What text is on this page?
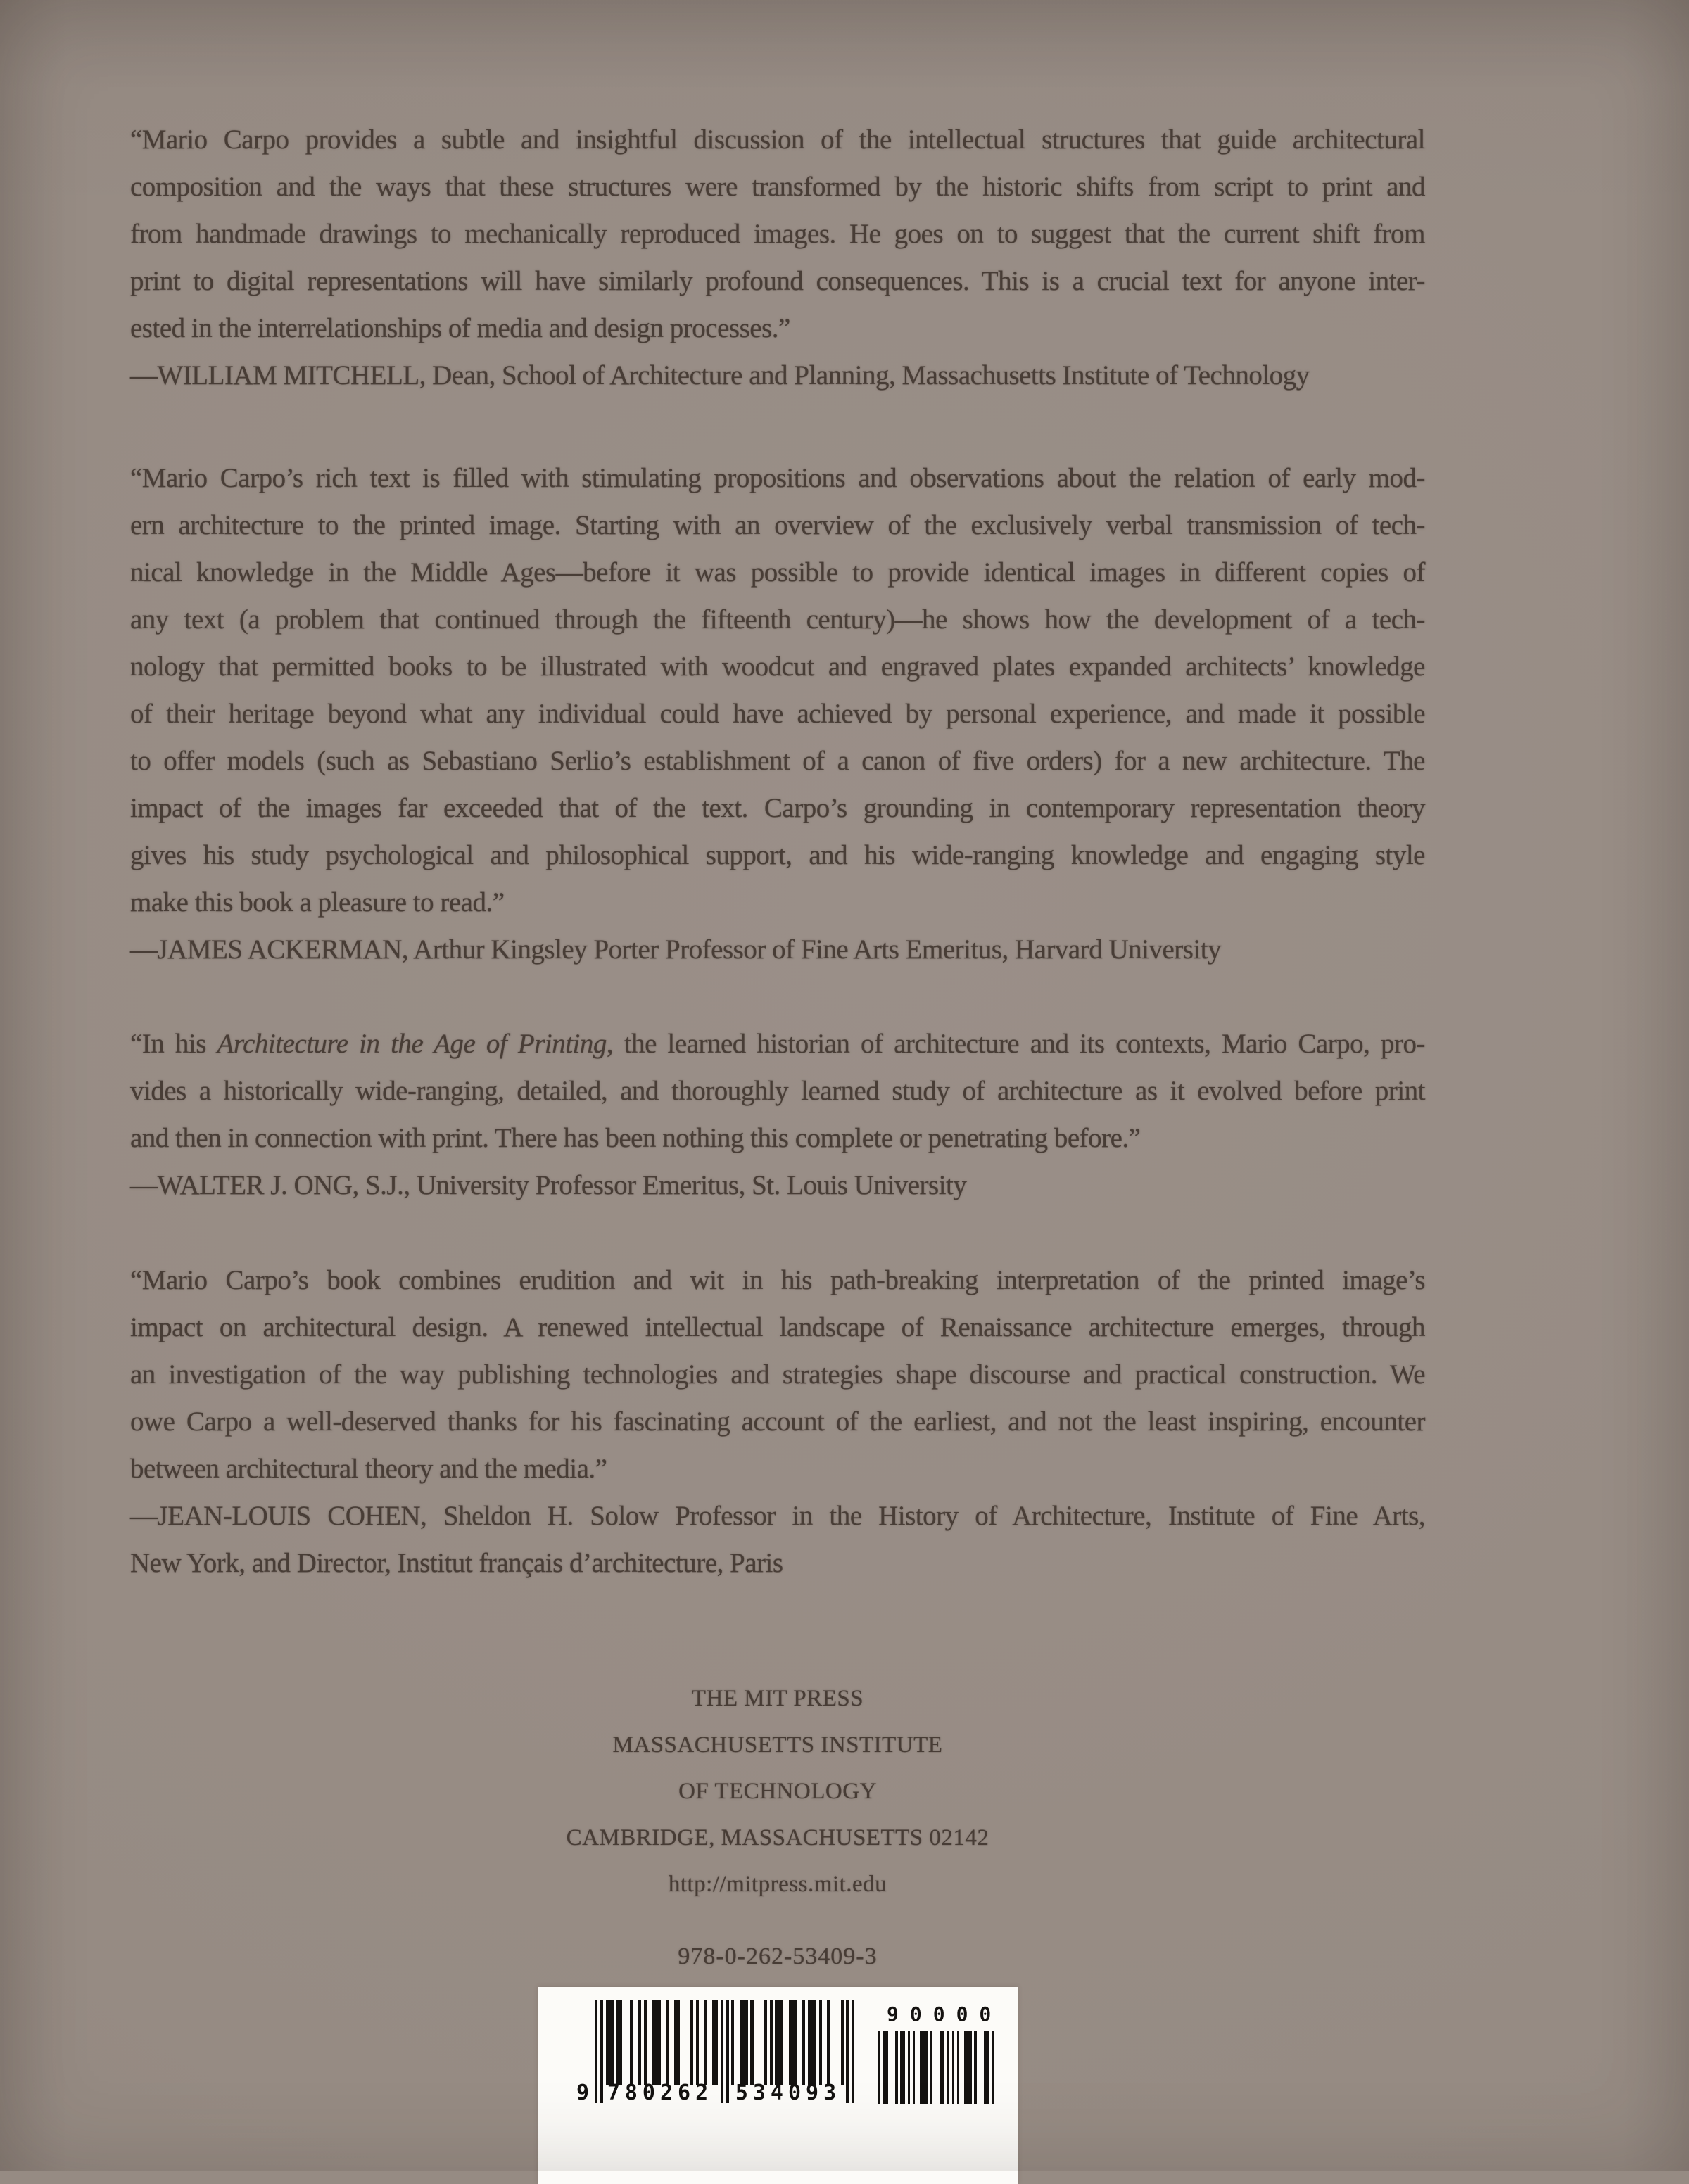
“Mario Carpo provides a subtle and insightful discussion of the intellectual structures that guide architectural
composition and the ways that these structures were transformed by the historic shifts from script to print and
from handmade drawings to mechanically reproduced images. He goes on to suggest that the current shift from
print to digital representations will have similarly profound consequences. This is a crucial text for anyone inter-
ested in the interrelationships of media and design processes.”
—WILLIAM MITCHELL, Dean, School of Architecture and Planning, Massachusetts Institute of Technology
“Mario Carpo’s rich text is filled with stimulating propositions and observations about the relation of early mod-
ern architecture to the printed image. Starting with an overview of the exclusively verbal transmission of tech-
nical knowledge in the Middle Ages—before it was possible to provide identical images in different copies of
any text (a problem that continued through the fifteenth century)—he shows how the development of a tech-
nology that permitted books to be illustrated with woodcut and engraved plates expanded architects’ knowledge
of their heritage beyond what any individual could have achieved by personal experience, and made it possible
to offer models (such as Sebastiano Serlio’s establishment of a canon of five orders) for a new architecture. The
impact of the images far exceeded that of the text. Carpo’s grounding in contemporary representation theory
gives his study psychological and philosophical support, and his wide-ranging knowledge and engaging style
make this book a pleasure to read.”
—JAMES ACKERMAN, Arthur Kingsley Porter Professor of Fine Arts Emeritus, Harvard University
“In his Architecture in the Age of Printing, the learned historian of architecture and its contexts, Mario Carpo, pro-
vides a historically wide-ranging, detailed, and thoroughly learned study of architecture as it evolved before print
and then in connection with print. There has been nothing this complete or penetrating before.”
—WALTER J. ONG, S.J., University Professor Emeritus, St. Louis University
“Mario Carpo’s book combines erudition and wit in his path-breaking interpretation of the printed image’s
impact on architectural design. A renewed intellectual landscape of Renaissance architecture emerges, through
an investigation of the way publishing technologies and strategies shape discourse and practical construction. We
owe Carpo a well-deserved thanks for his fascinating account of the earliest, and not the least inspiring, encounter
between architectural theory and the media.”
—JEAN-LOUIS COHEN, Sheldon H. Solow Professor in the History of Architecture, Institute of Fine Arts,
New York, and Director, Institut français d’architecture, Paris
THE MIT PRESS
MASSACHUSETTS INSTITUTE
OF TECHNOLOGY
CAMBRIDGE, MASSACHUSETTS 02142
http://mitpress.mit.edu
978-0-262-53409-3
9 780262 534093
90000
